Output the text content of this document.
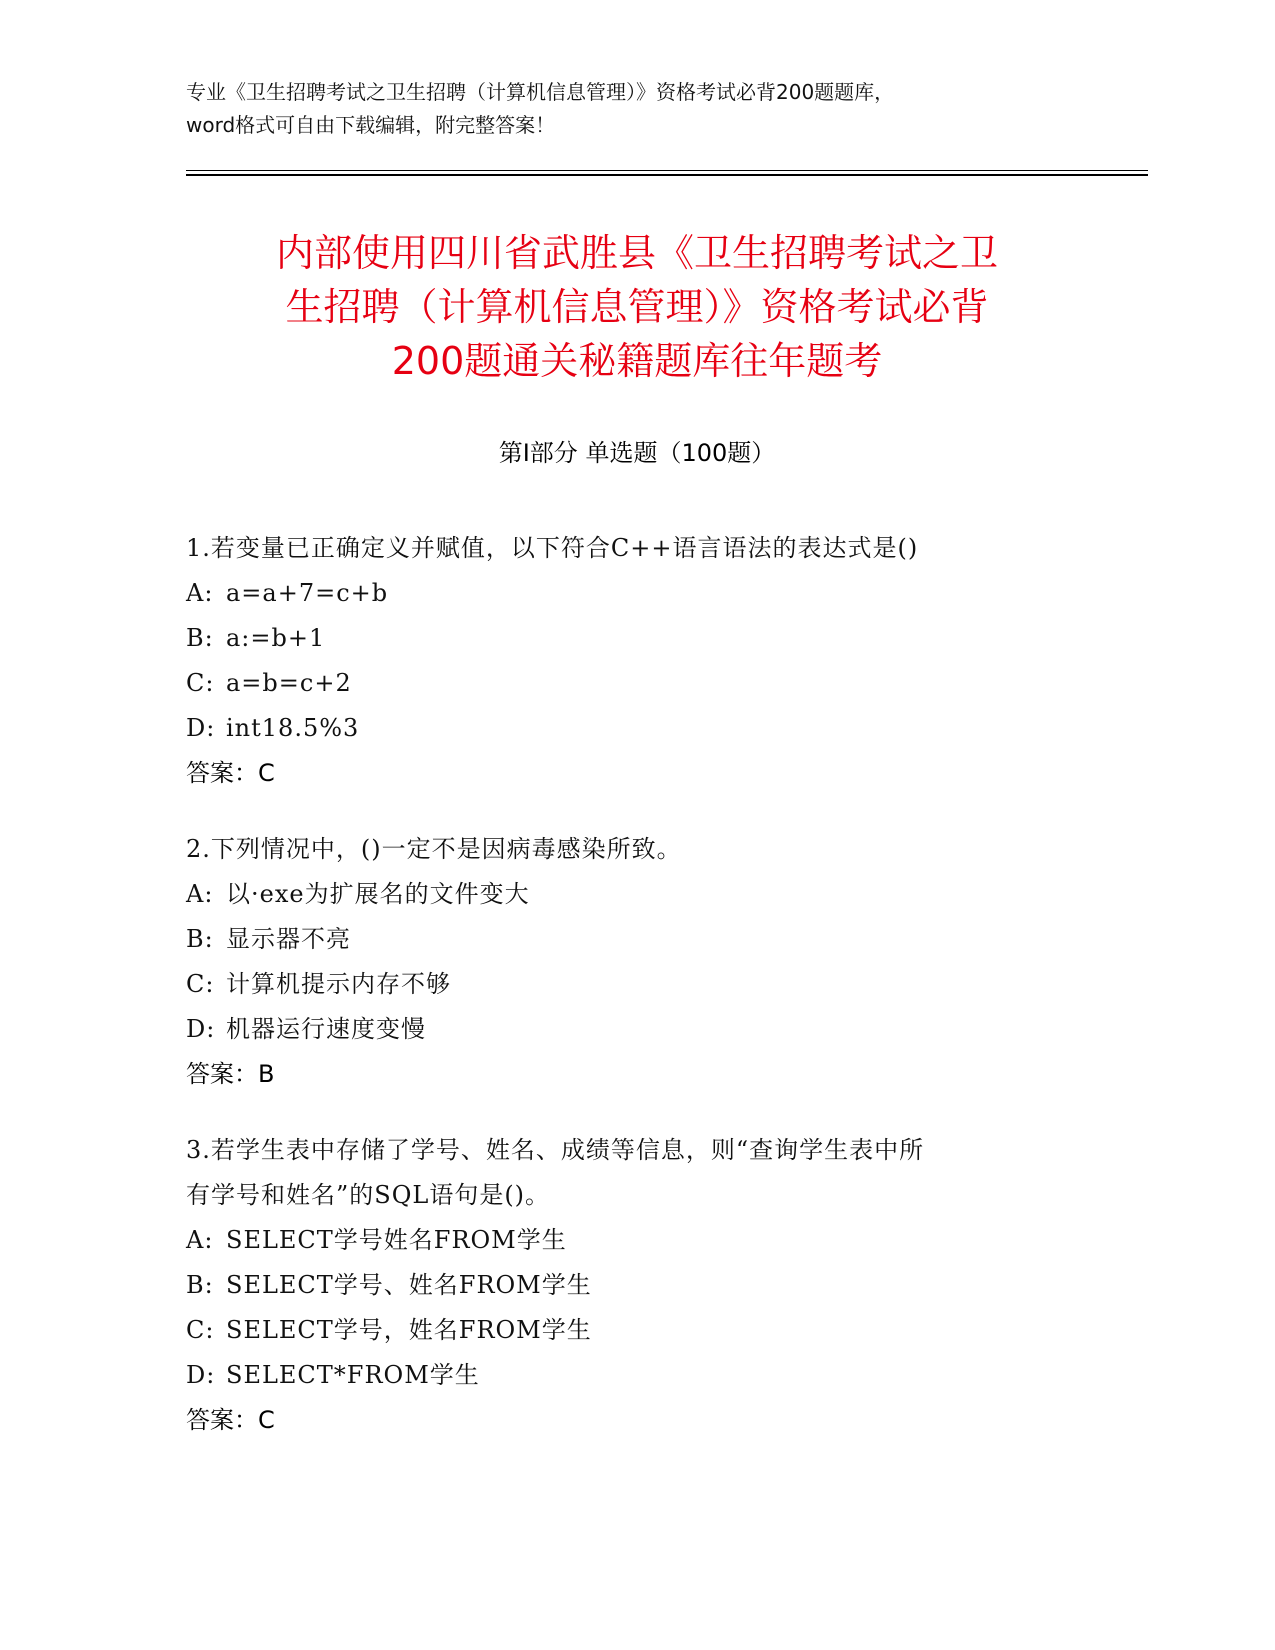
专业《卫生招聘考试之卫生招聘（计算机信息管理）》资格考试必背200题题库，
word格式可自由下载编辑，附完整答案！
内部使用四川省武胜县《卫生招聘考试之卫
生招聘（计算机信息管理）》资格考试必背
200题通关秘籍题库往年题考
第Ⅰ部分 单选题（100题）
1.若变量已正确定义并赋值，以下符合C++语言语法的表达式是()
A: a=a+7=c+b
B: a:=b+1
C: a=b=c+2
D: int18.5%3
答案：C
2.下列情况中，()一定不是因病毒感染所致。
A: 以·exe为扩展名的文件变大
B: 显示器不亮
C: 计算机提示内存不够
D: 机器运行速度变慢
答案：B
3.若学生表中存储了学号、姓名、成绩等信息，则“查询学生表中所
有学号和姓名”的SQL语句是()。
A: SELECT学号姓名FROM学生
B: SELECT学号、姓名FROM学生
C: SELECT学号，姓名FROM学生
D: SELECT*FROM学生
答案：C
